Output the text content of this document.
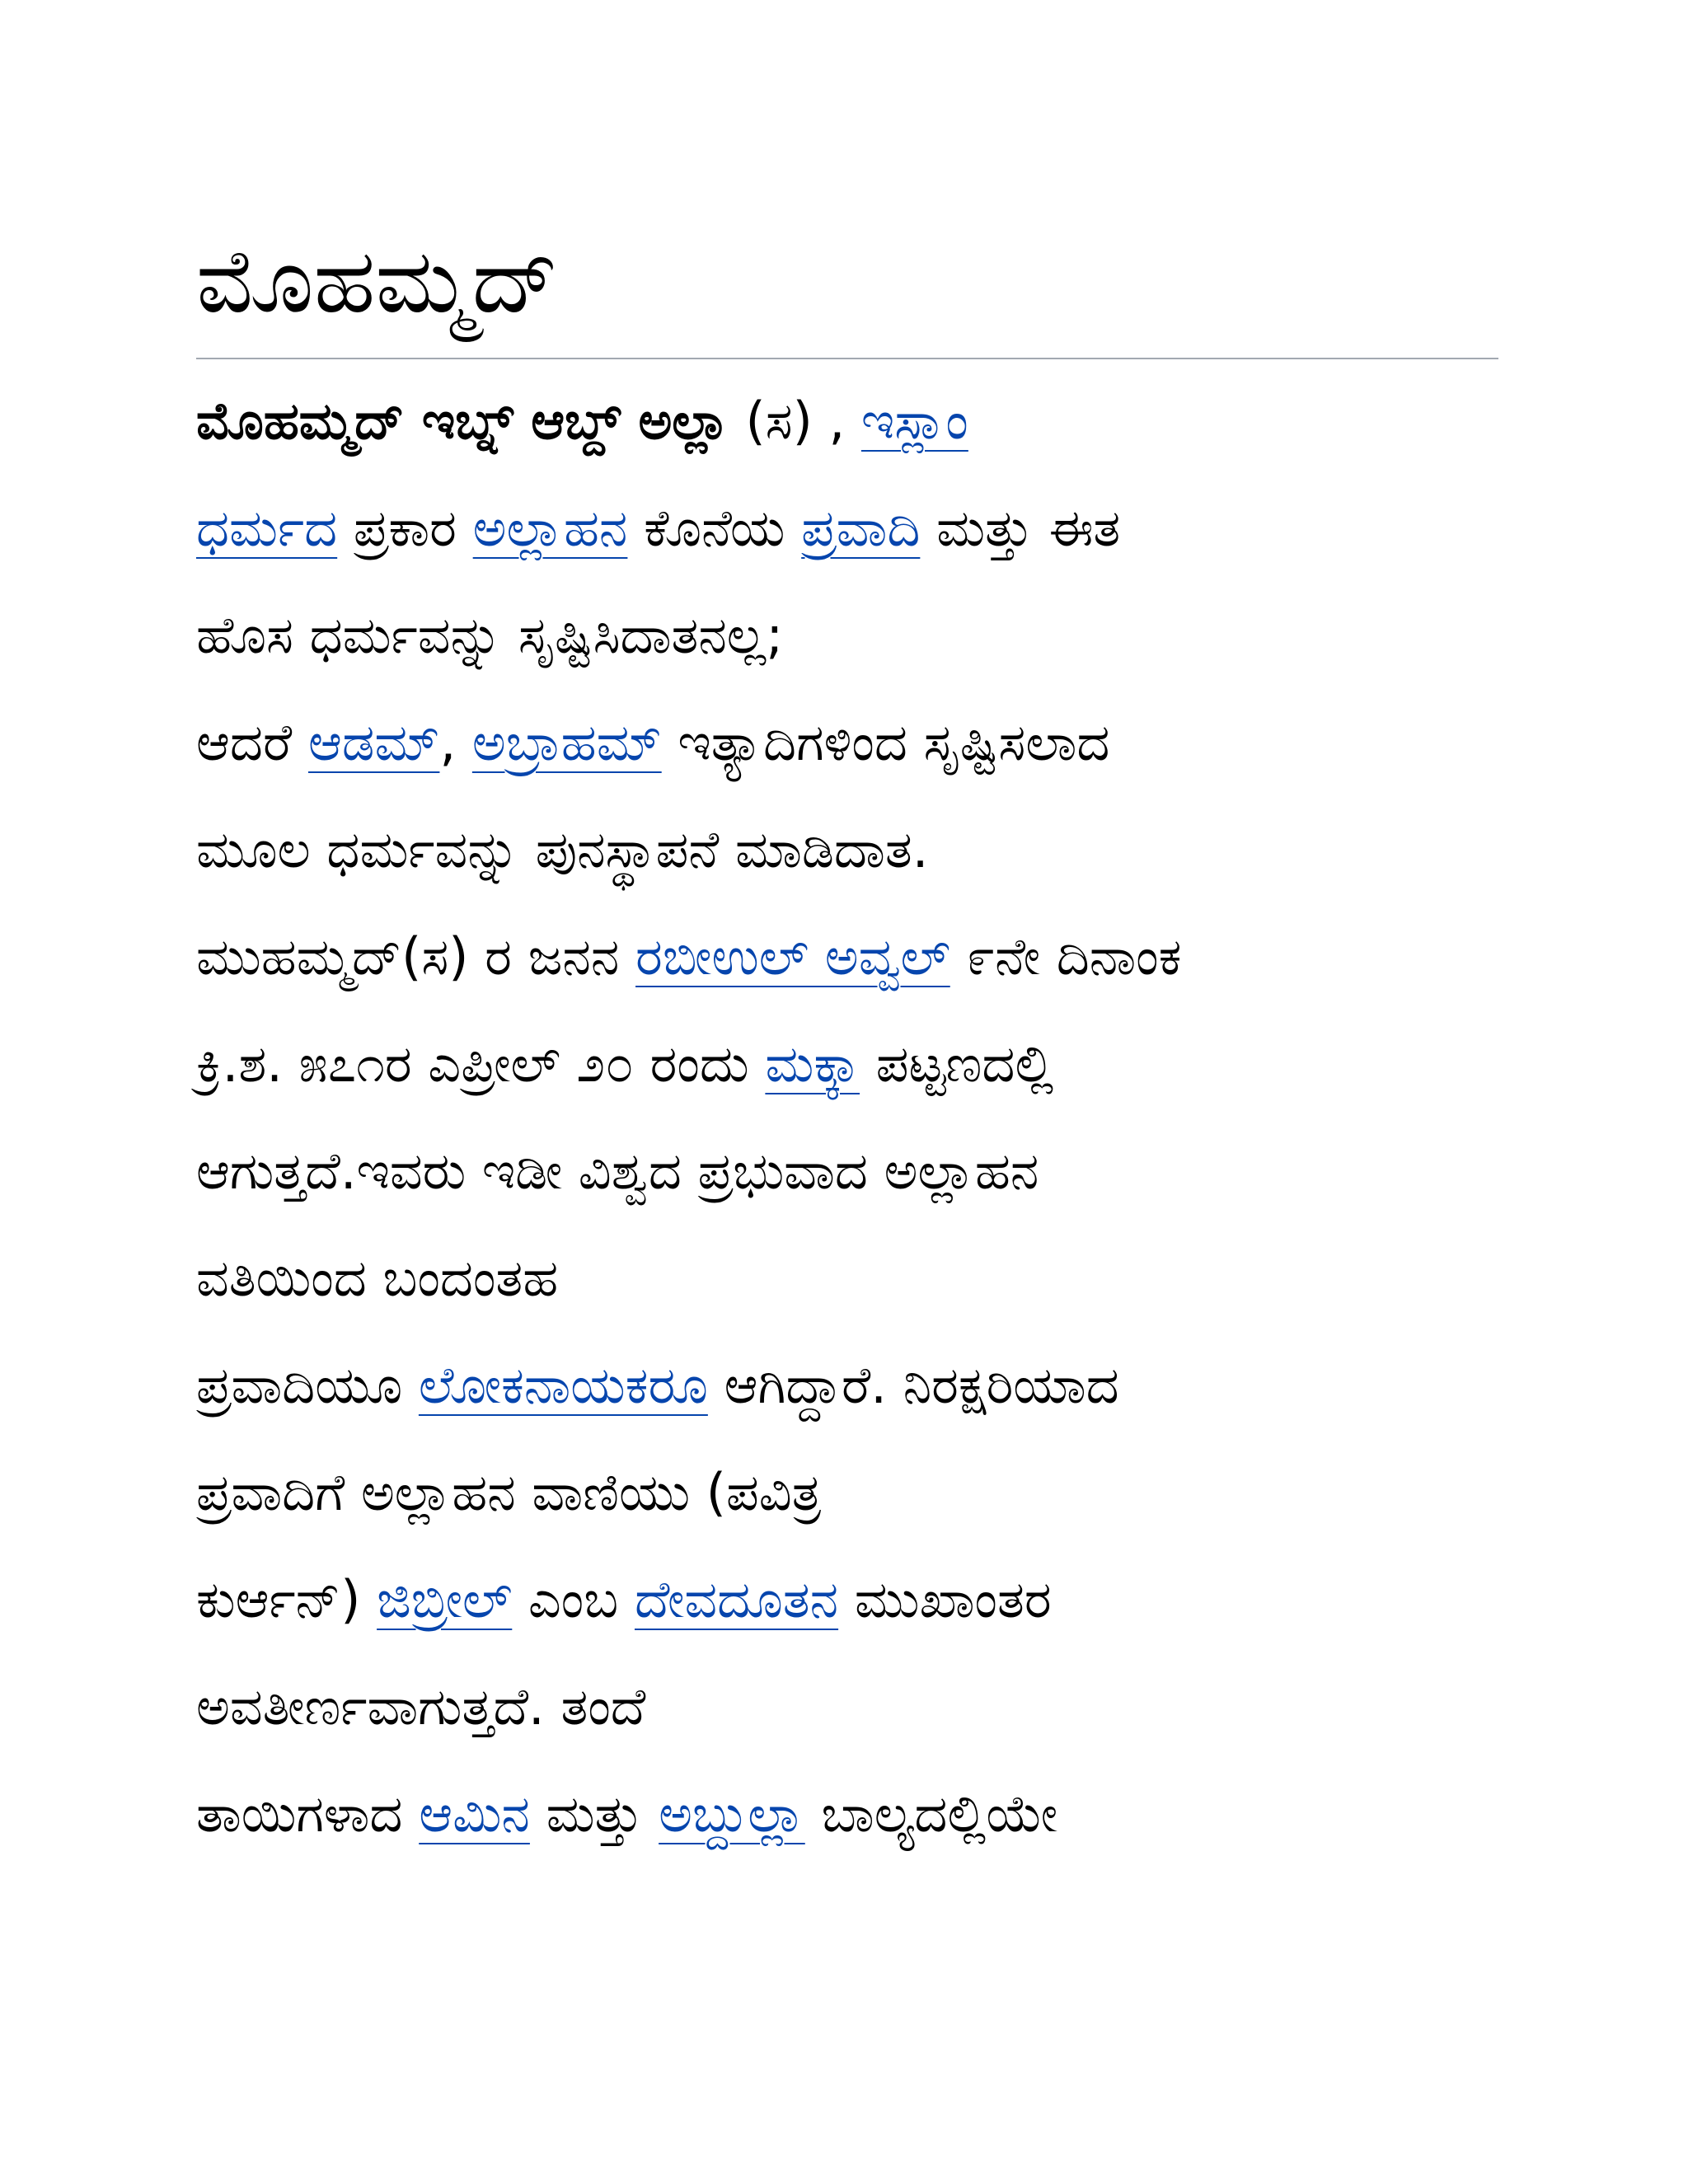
ಮೊಹಮ್ಮದ್
ಮೊಹಮ್ಮದ್ ಇಬ್ನ್ ಆಬ್ದ್ ಅಲ್ಲಾ (ಸ) , ಇಸ್ಲಾಂ
ಧರ್ಮದ ಪ್ರಕಾರ ಅಲ್ಲಾಹನ ಕೊನೆಯ ಪ್ರವಾದಿ ಮತ್ತು ಈತ
ಹೊಸ ಧರ್ಮವನ್ನು ಸೃಷ್ಟಿಸಿದಾತನಲ್ಲ;
ಆದರೆ ಆಡಮ್, ಅಬ್ರಾಹಮ್ ಇತ್ಯಾದಿಗಳಿಂದ ಸೃಷ್ಟಿಸಲಾದ
ಮೂಲ ಧರ್ಮವನ್ನು ಪುನಸ್ಥಾಪನೆ ಮಾಡಿದಾತ.
ಮುಹಮ್ಮದ್(ಸ) ರ ಜನನ ರಬೀಉಲ್ ಅವ್ವಲ್ ೯ನೇ ದಿನಾಂಕ
ಕ್ರಿ.ಶ. ೫೭೧ರ ಎಪ್ರೀಲ್ ೨೦ ರಂದು ಮಕ್ಕಾ ಪಟ್ಟಣದಲ್ಲಿ
ಆಗುತ್ತದೆ.ಇವರು ಇಡೀ ವಿಶ್ವದ ಪ್ರಭುವಾದ ಅಲ್ಲಾಹನ
ವತಿಯಿಂದ ಬಂದಂತಹ
ಪ್ರವಾದಿಯೂ ಲೋಕನಾಯಕರೂ ಆಗಿದ್ದಾರೆ. ನಿರಕ್ಷರಿಯಾದ
ಪ್ರವಾದಿಗೆ ಅಲ್ಲಾಹನ ವಾಣಿಯು (ಪವಿತ್ರ
ಕುರ್ಆನ್) ಜಿಬ್ರೀಲ್ ಎಂಬ ದೇವದೂತನ ಮುಖಾಂತರ
ಅವತೀರ್ಣವಾಗುತ್ತದೆ. ತಂದೆ
ತಾಯಿಗಳಾದ ಆಮಿನ ಮತ್ತು ಅಬ್ದುಲ್ಲಾ ಬಾಲ್ಯದಲ್ಲಿಯೇ
